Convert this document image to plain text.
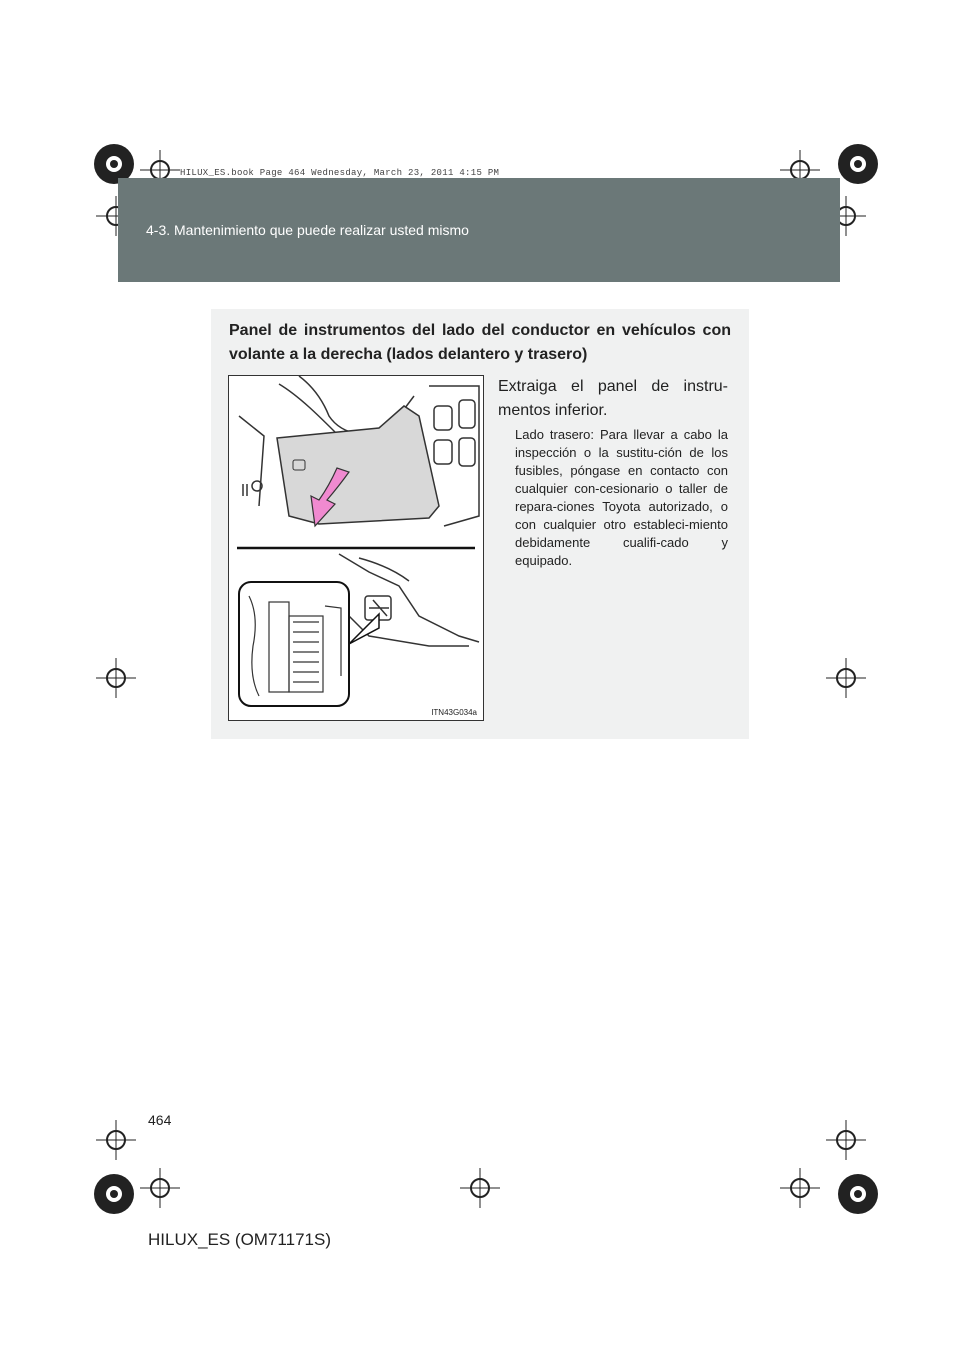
4-3. Mantenimiento que puede realizar usted mismo
HILUX_ES.book Page 464 Wednesday, March 23, 2011 4:15 PM

Panel de instrumentos del lado del conductor en vehículos con volante a la derecha (lados delantero y trasero)

ITN43G034a

Extraiga el panel de instru-mentos inferior.

Lado trasero: Para llevar a cabo la inspección o la sustitu-ción de los fusibles, póngase en contacto con cualquier con-cesionario o taller de repara-ciones Toyota autorizado, o con cualquier otro estableci-miento debidamente cualifi-cado y equipado.

464

HILUX_ES (OM71171S)
